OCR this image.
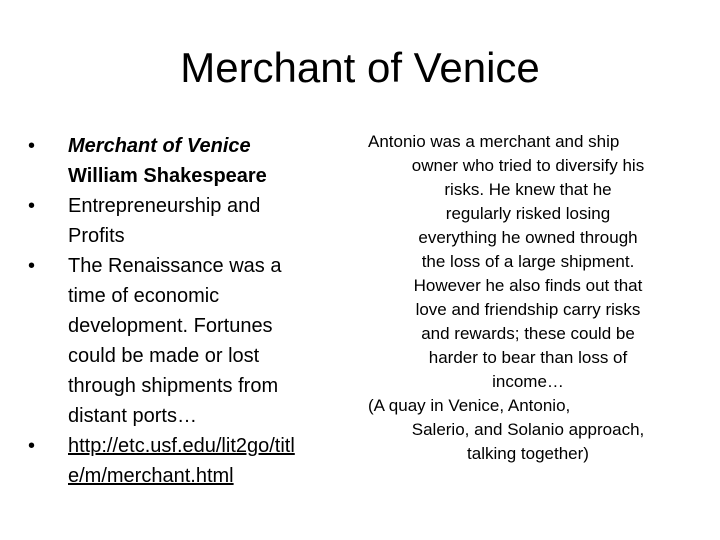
Merchant of Venice
• Merchant of Venice
William Shakespeare
• Entrepreneurship and
Profits
• The Renaissance was a
time of economic
development. Fortunes
could be made or lost
through shipments from
distant ports…
• http://etc.usf.edu/lit2go/titl
e/m/merchant.html

Antonio was a merchant and ship
owner who tried to diversify his
risks. He knew that he
regularly risked losing
everything he owned through
the loss of a large shipment.
However he also finds out that
love and friendship carry risks
and rewards; these could be
harder to bear than loss of
income…

(A quay in Venice, Antonio,
Salerio, and Solanio approach,
talking together)
